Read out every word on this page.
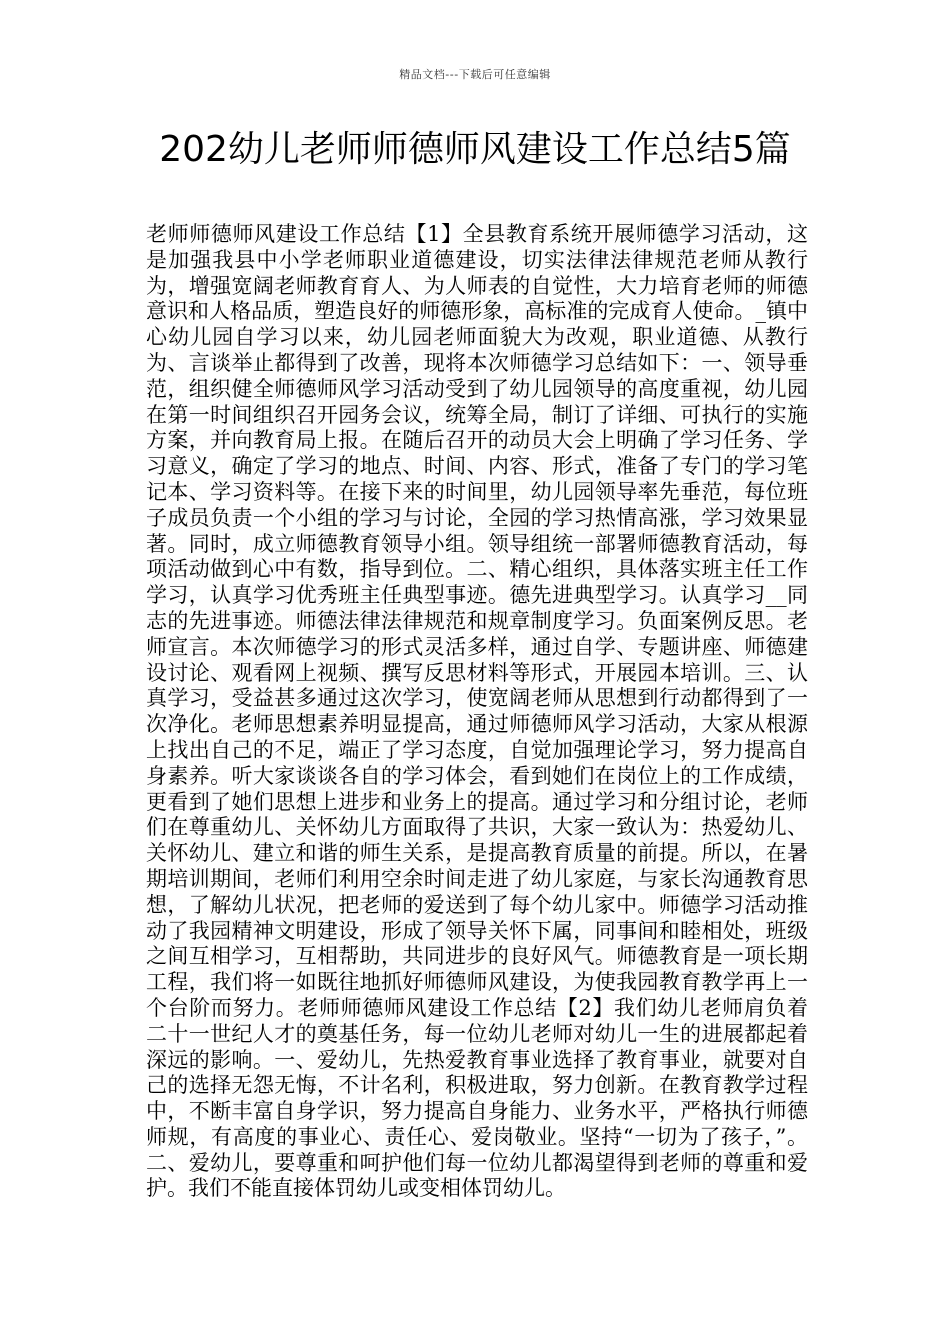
精品文档---下载后可任意编辑
202幼儿老师师德师风建设工作总结5篇

老师师德师风建设工作总结【1】全县教育系统开展师德学习活动，这是加强我县中小学老师职业道德建设，切实法律法律规范老师从教行为，增强宽阔老师教育育人、为人师表的自觉性，大力培育老师的师德意识和人格品质，塑造良好的师德形象，高标准的完成育人使命。_镇中心幼儿园自学习以来，幼儿园老师面貌大为改观，职业道德、从教行为、言谈举止都得到了改善，现将本次师德学习总结如下：一、领导垂范，组织健全师德师风学习活动受到了幼儿园领导的高度重视，幼儿园在第一时间组织召开园务会议，统筹全局，制订了详细、可执行的实施方案，并向教育局上报。在随后召开的动员大会上明确了学习任务、学习意义，确定了学习的地点、时间、内容、形式，准备了专门的学习笔记本、学习资料等。在接下来的时间里，幼儿园领导率先垂范，每位班子成员负责一个小组的学习与讨论，全园的学习热情高涨，学习效果显著。同时，成立师德教育领导小组。领导组统一部署师德教育活动，每项活动做到心中有数，指导到位。二、精心组织，具体落实班主任工作学习，认真学习优秀班主任典型事迹。德先进典型学习。认真学习__同志的先进事迹。师德法律法律规范和规章制度学习。负面案例反思。老师宣言。本次师德学习的形式灵活多样，通过自学、专题讲座、师德建设讨论、观看网上视频、撰写反思材料等形式，开展园本培训。三、认真学习，受益甚多通过这次学习，使宽阔老师从思想到行动都得到了一次净化。老师思想素养明显提高，通过师德师风学习活动，大家从根源上找出自己的不足，端正了学习态度，自觉加强理论学习，努力提高自身素养。听大家谈谈各自的学习体会，看到她们在岗位上的工作成绩，更看到了她们思想上进步和业务上的提高。通过学习和分组讨论，老师们在尊重幼儿、关怀幼儿方面取得了共识，大家一致认为：热爱幼儿、关怀幼儿、建立和谐的师生关系，是提高教育质量的前提。所以，在暑期培训期间，老师们利用空余时间走进了幼儿家庭，与家长沟通教育思想，了解幼儿状况，把老师的爱送到了每个幼儿家中。师德学习活动推动了我园精神文明建设，形成了领导关怀下属，同事间和睦相处，班级之间互相学习，互相帮助，共同进步的良好风气。师德教育是一项长期工程，我们将一如既往地抓好师德师风建设，为使我园教育教学再上一个台阶而努力。老师师德师风建设工作总结【2】我们幼儿老师肩负着二十一世纪人才的奠基任务，每一位幼儿老师对幼儿一生的进展都起着深远的影响。一、爱幼儿，先热爱教育事业选择了教育事业，就要对自己的选择无怨无悔，不计名利，积极进取，努力创新。在教育教学过程中，不断丰富自身学识，努力提高自身能力、业务水平，严格执行师德师规，有高度的事业心、责任心、爱岗敬业。坚持“一切为了孩子，”。二、爱幼儿，要尊重和呵护他们每一位幼儿都渴望得到老师的尊重和爱护。我们不能直接体罚幼儿或变相体罚幼儿。
